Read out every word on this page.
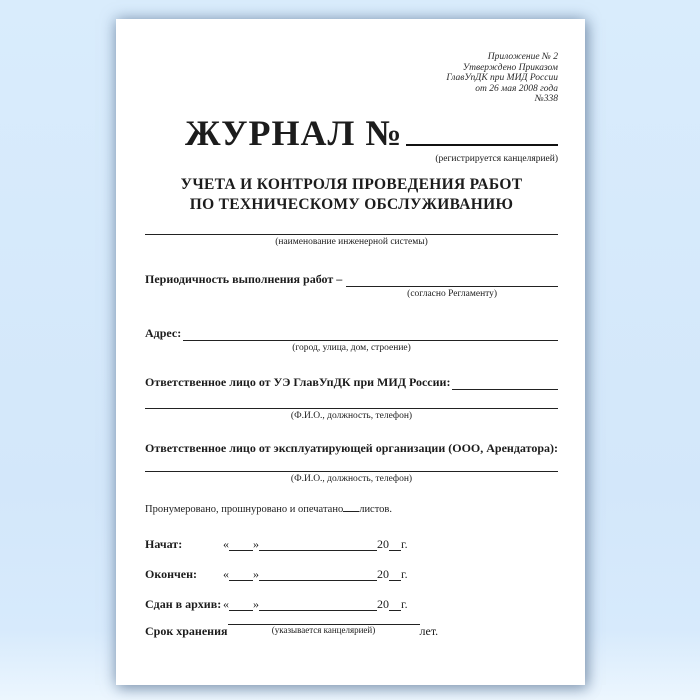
Приложение № 2
Утверждено Приказом
ГлавУпДК при МИД России
от 26 мая 2008 года
№338
ЖУРНАЛ №
(регистрируется канцелярией)
УЧЕТА И КОНТРОЛЯ ПРОВЕДЕНИЯ РАБОТ
ПО ТЕХНИЧЕСКОМУ ОБСЛУЖИВАНИЮ
(наименование инженерной системы)
Периодичность выполнения работ –
(согласно Регламенту)
Адрес:
(город, улица, дом, строение)
Ответственное лицо от УЭ ГлавУпДК при МИД России:
(Ф.И.О., должность, телефон)
Ответственное лицо от эксплуатирующей организации (ООО, Арендатора):
(Ф.И.О., должность, телефон)
Пронумеровано, прошнуровано и опечатано листов.
Начат:	« »	20 г.
Окончен:	« »	20 г.
Сдан в архив: « »	20 г.
Срок хранения	(указывается канцелярией)	лет.
